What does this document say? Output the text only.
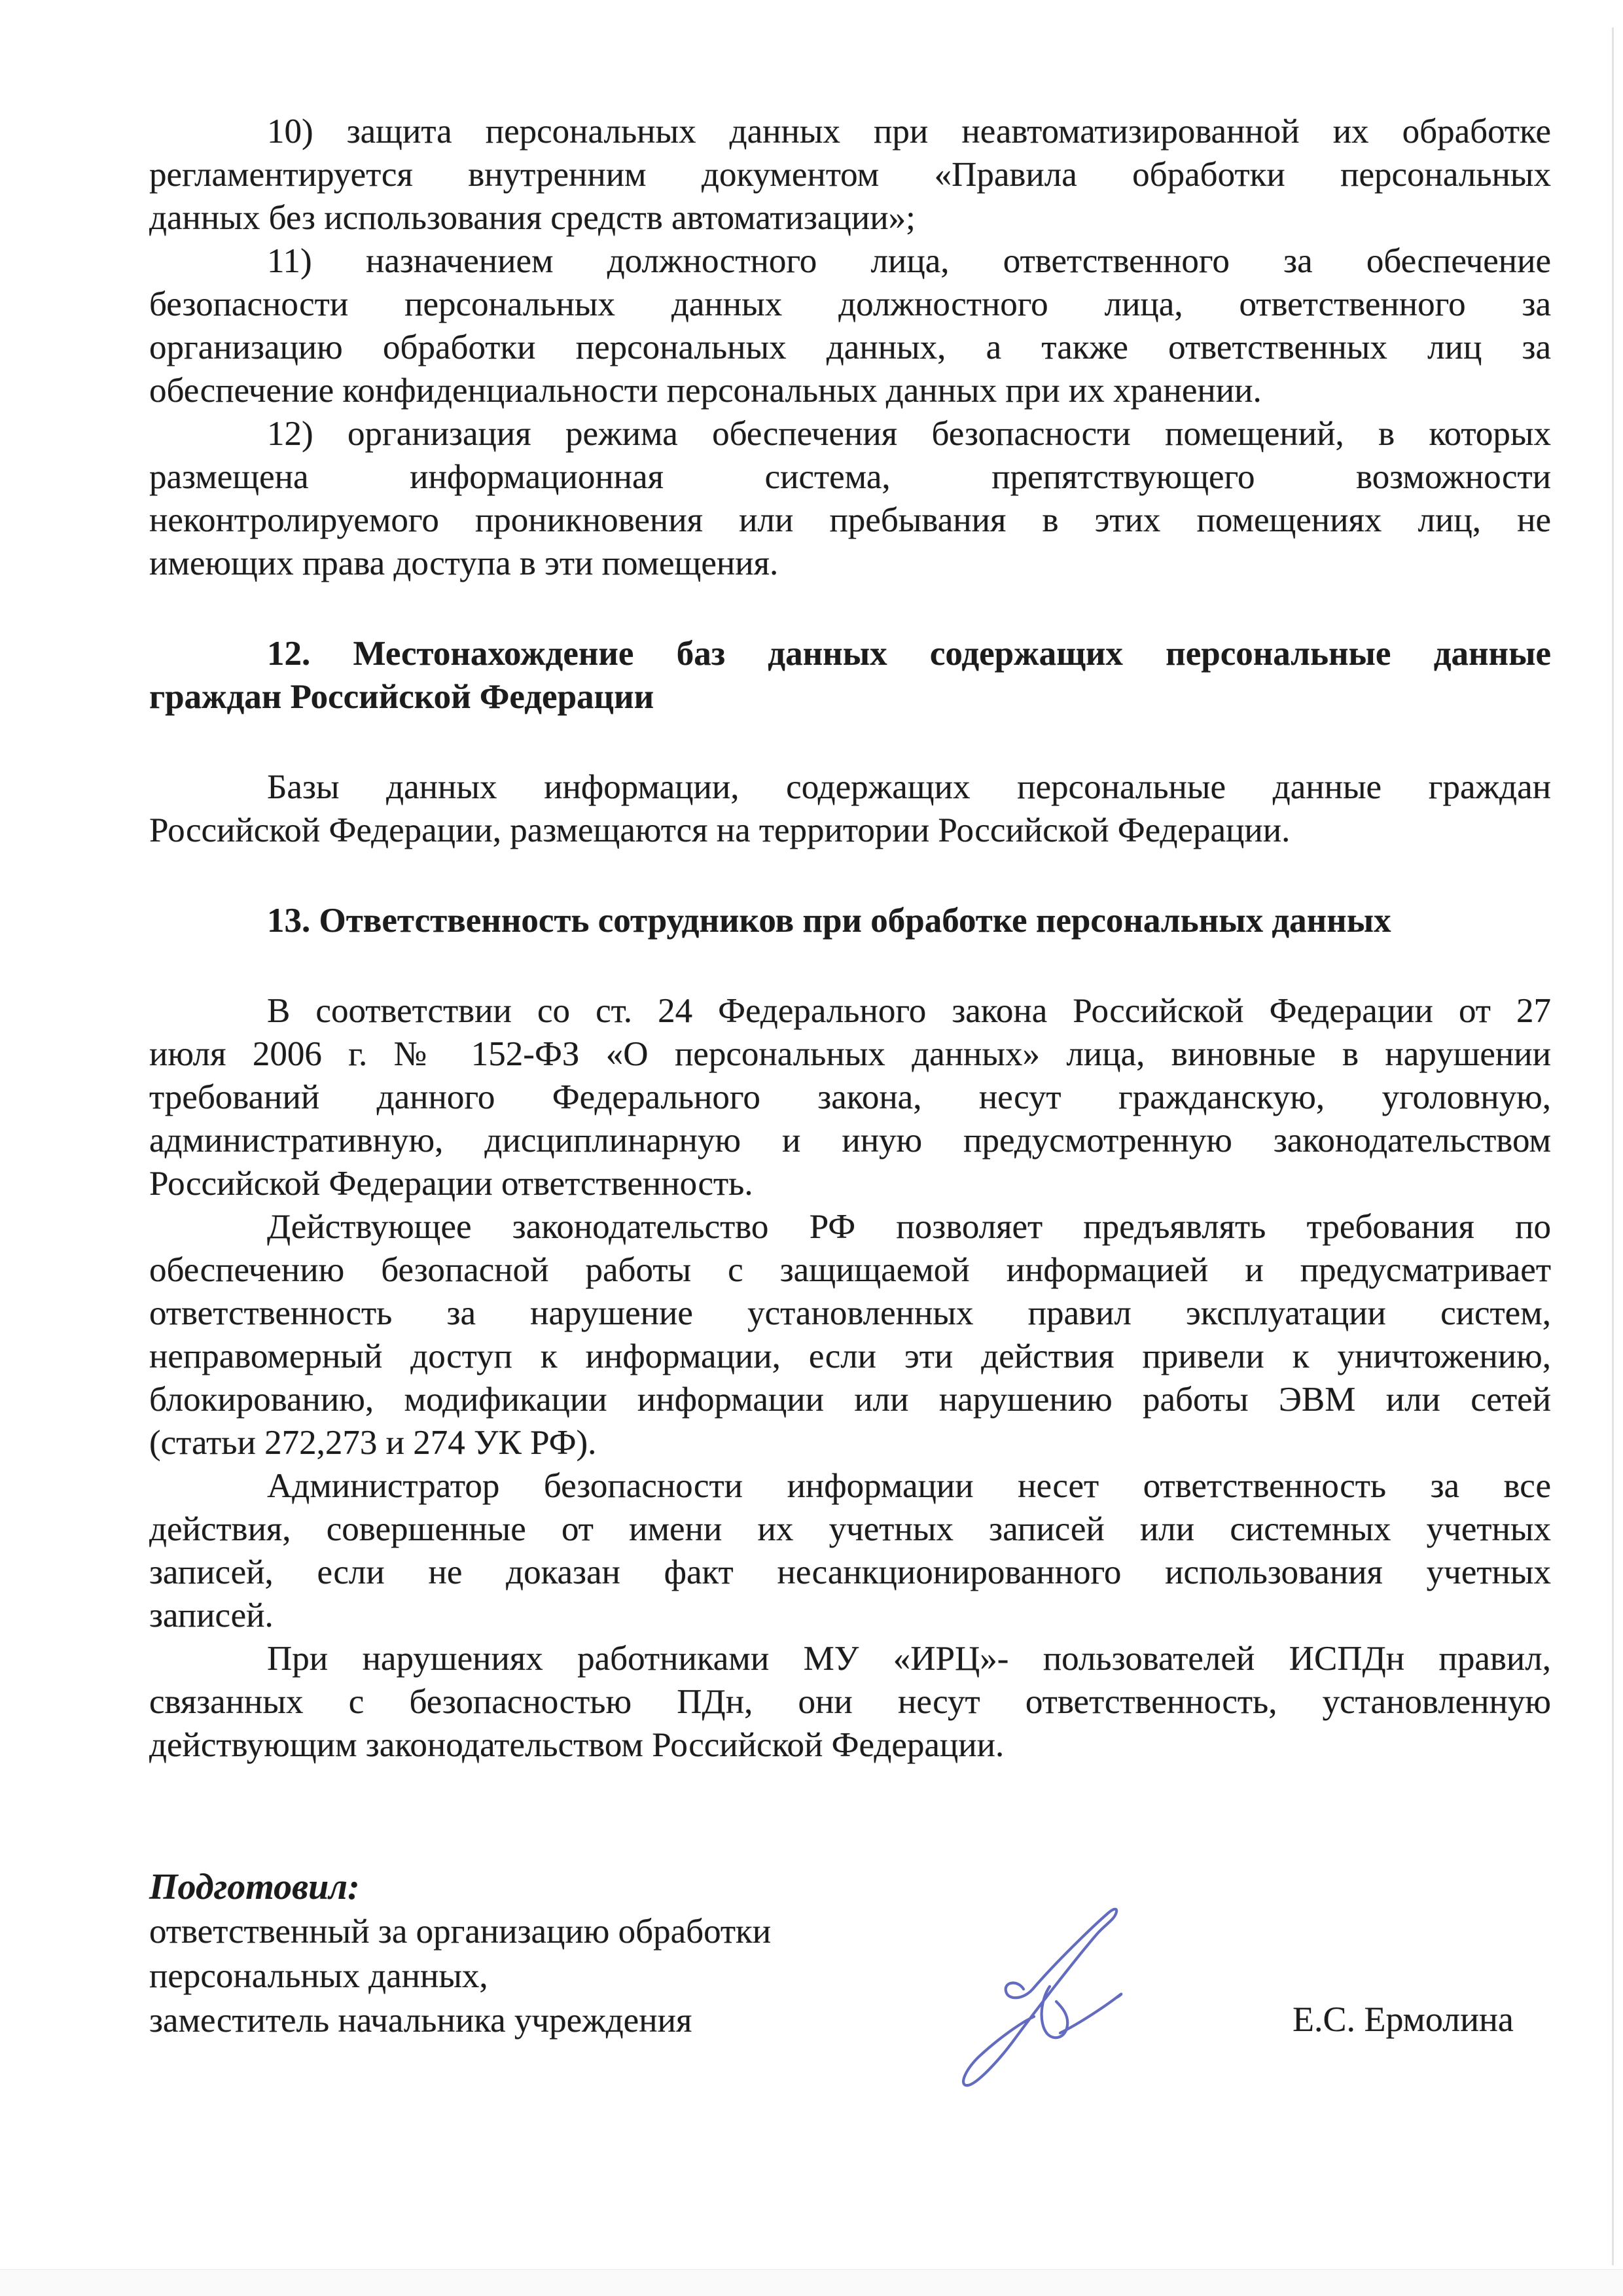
10) защита персональных данных при неавтоматизированной их обработке
регламентируется внутренним документом «Правила обработки персональных
данных без использования средств автоматизации»;
11) назначением должностного лица, ответственного за обеспечение
безопасности персональных данных должностного лица, ответственного за
организацию обработки персональных данных, а также ответственных лиц за
обеспечение конфиденциальности персональных данных при их хранении.
12) организация режима обеспечения безопасности помещений, в которых
размещена информационная система, препятствующего возможности
неконтролируемого проникновения или пребывания в этих помещениях лиц, не
имеющих права доступа в эти помещения.
12. Местонахождение баз данных содержащих персональные данные
граждан Российской Федерации
Базы данных информации, содержащих персональные данные граждан
Российской Федерации, размещаются на территории Российской Федерации.
13. Ответственность сотрудников при обработке персональных данных
В соответствии со ст. 24 Федерального закона Российской Федерации от 27
июля 2006 г. № 152-ФЗ «О персональных данных» лица, виновные в нарушении
требований данного Федерального закона, несут гражданскую, уголовную,
административную, дисциплинарную и иную предусмотренную законодательством
Российской Федерации ответственность.
Действующее законодательство РФ позволяет предъявлять требования по
обеспечению безопасной работы с защищаемой информацией и предусматривает
ответственность за нарушение установленных правил эксплуатации систем,
неправомерный доступ к информации, если эти действия привели к уничтожению,
блокированию, модификации информации или нарушению работы ЭВМ или сетей
(статьи 272,273 и 274 УК РФ).
Администратор безопасности информации несет ответственность за все
действия, совершенные от имени их учетных записей или системных учетных
записей, если не доказан факт несанкционированного использования учетных
записей.
При нарушениях работниками МУ «ИРЦ»- пользователей ИСПДн правил,
связанных с безопасностью ПДн, они несут ответственность, установленную
действующим законодательством Российской Федерации.
Подготовил:
ответственный за организацию обработки
персональных данных,
заместитель начальника учреждения	Е.С. Ермолина
